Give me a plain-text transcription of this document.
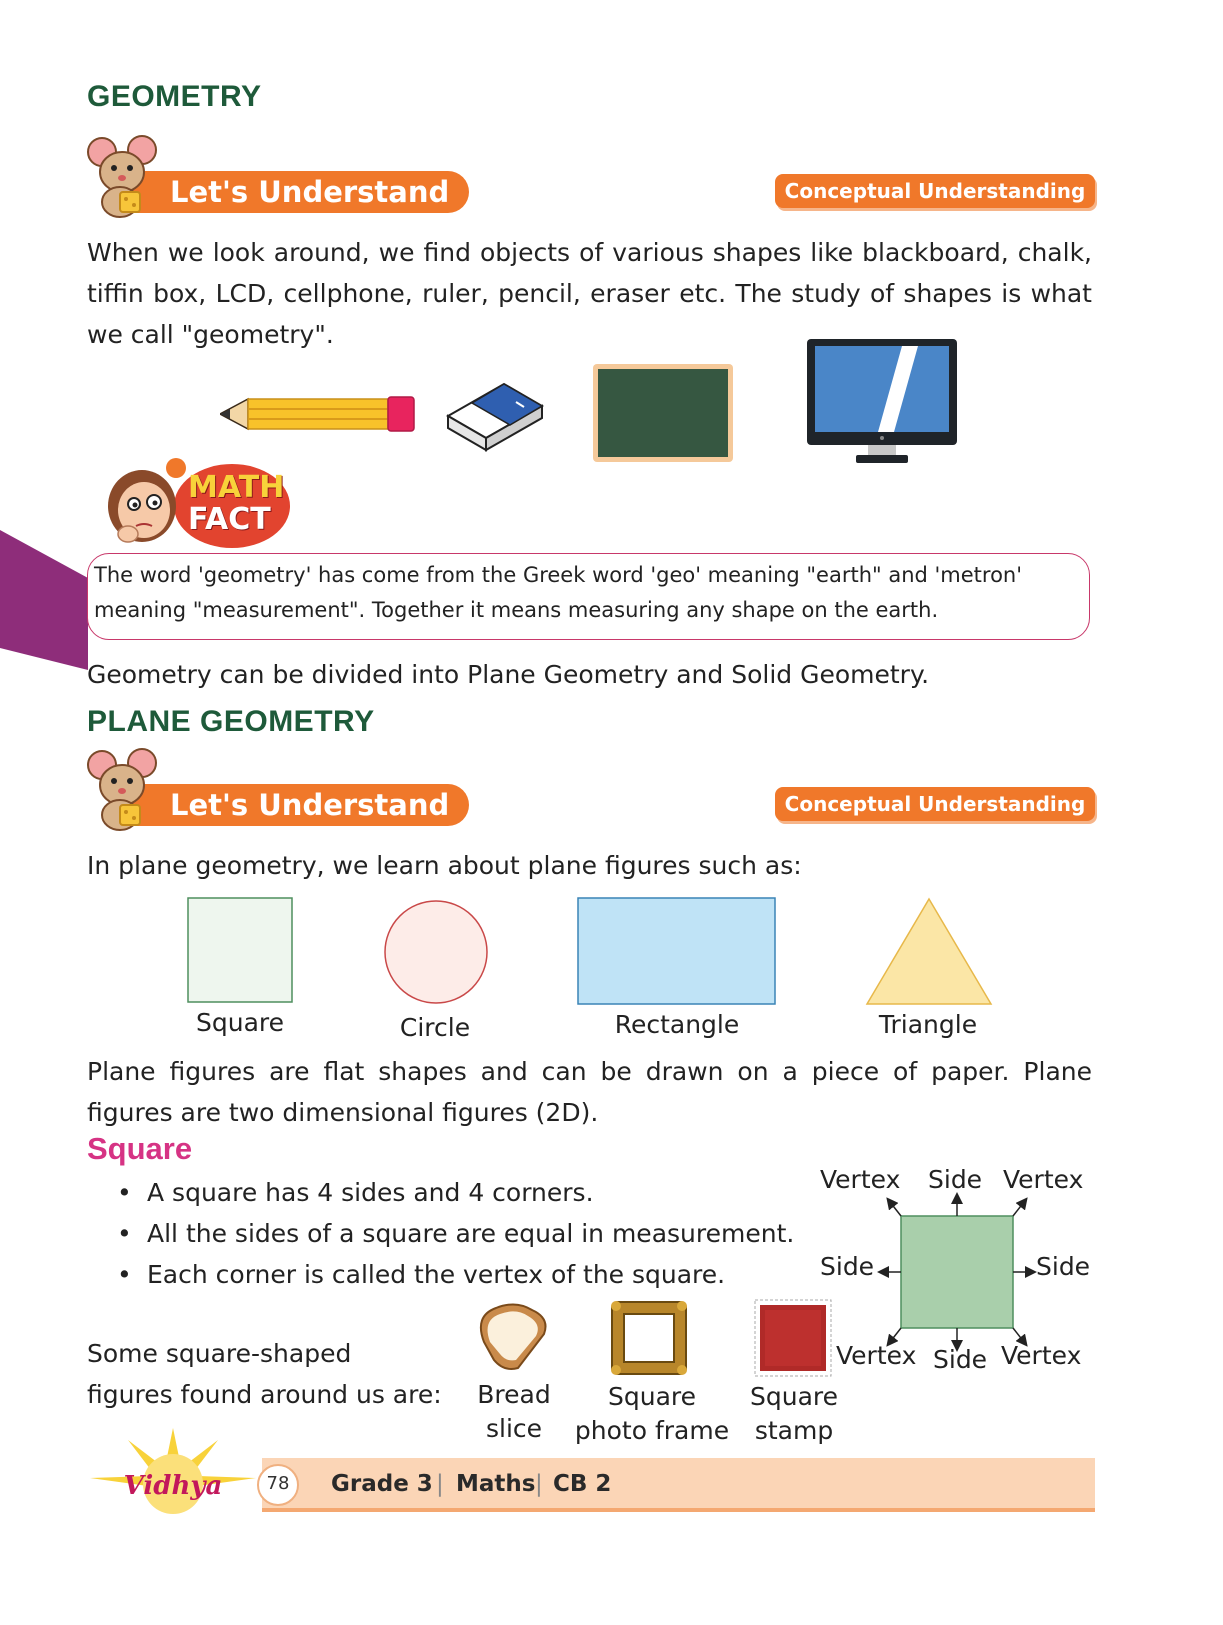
GEOMETRY
Let's Understand	Conceptual Understanding
When we look around, we find objects of various shapes like blackboard, chalk, tiffin box, LCD, cellphone, ruler, pencil, eraser etc. The study of shapes is what we call "geometry".
MATH
FACT
The word 'geometry' has come from the Greek word 'geo' meaning "earth" and 'metron' meaning "measurement". Together it means measuring any shape on the earth.
Geometry can be divided into Plane Geometry and Solid Geometry.
PLANE GEOMETRY
Let's Understand	Conceptual Understanding
In plane geometry, we learn about plane figures such as:
Square	Circle	Rectangle	Triangle
Plane figures are flat shapes and can be drawn on a piece of paper. Plane figures are two dimensional figures (2D).
Square
• A square has 4 sides and 4 corners.
• All the sides of a square are equal in measurement.
• Each corner is called the vertex of the square.
Vertex Side Vertex
Side	Side
Vertex Side Vertex
Some square-shaped
figures found around us are:	Bread
slice
Square
photo frame
Square
stamp
Vidhya	78	Grade 3 | Maths | CB 2
